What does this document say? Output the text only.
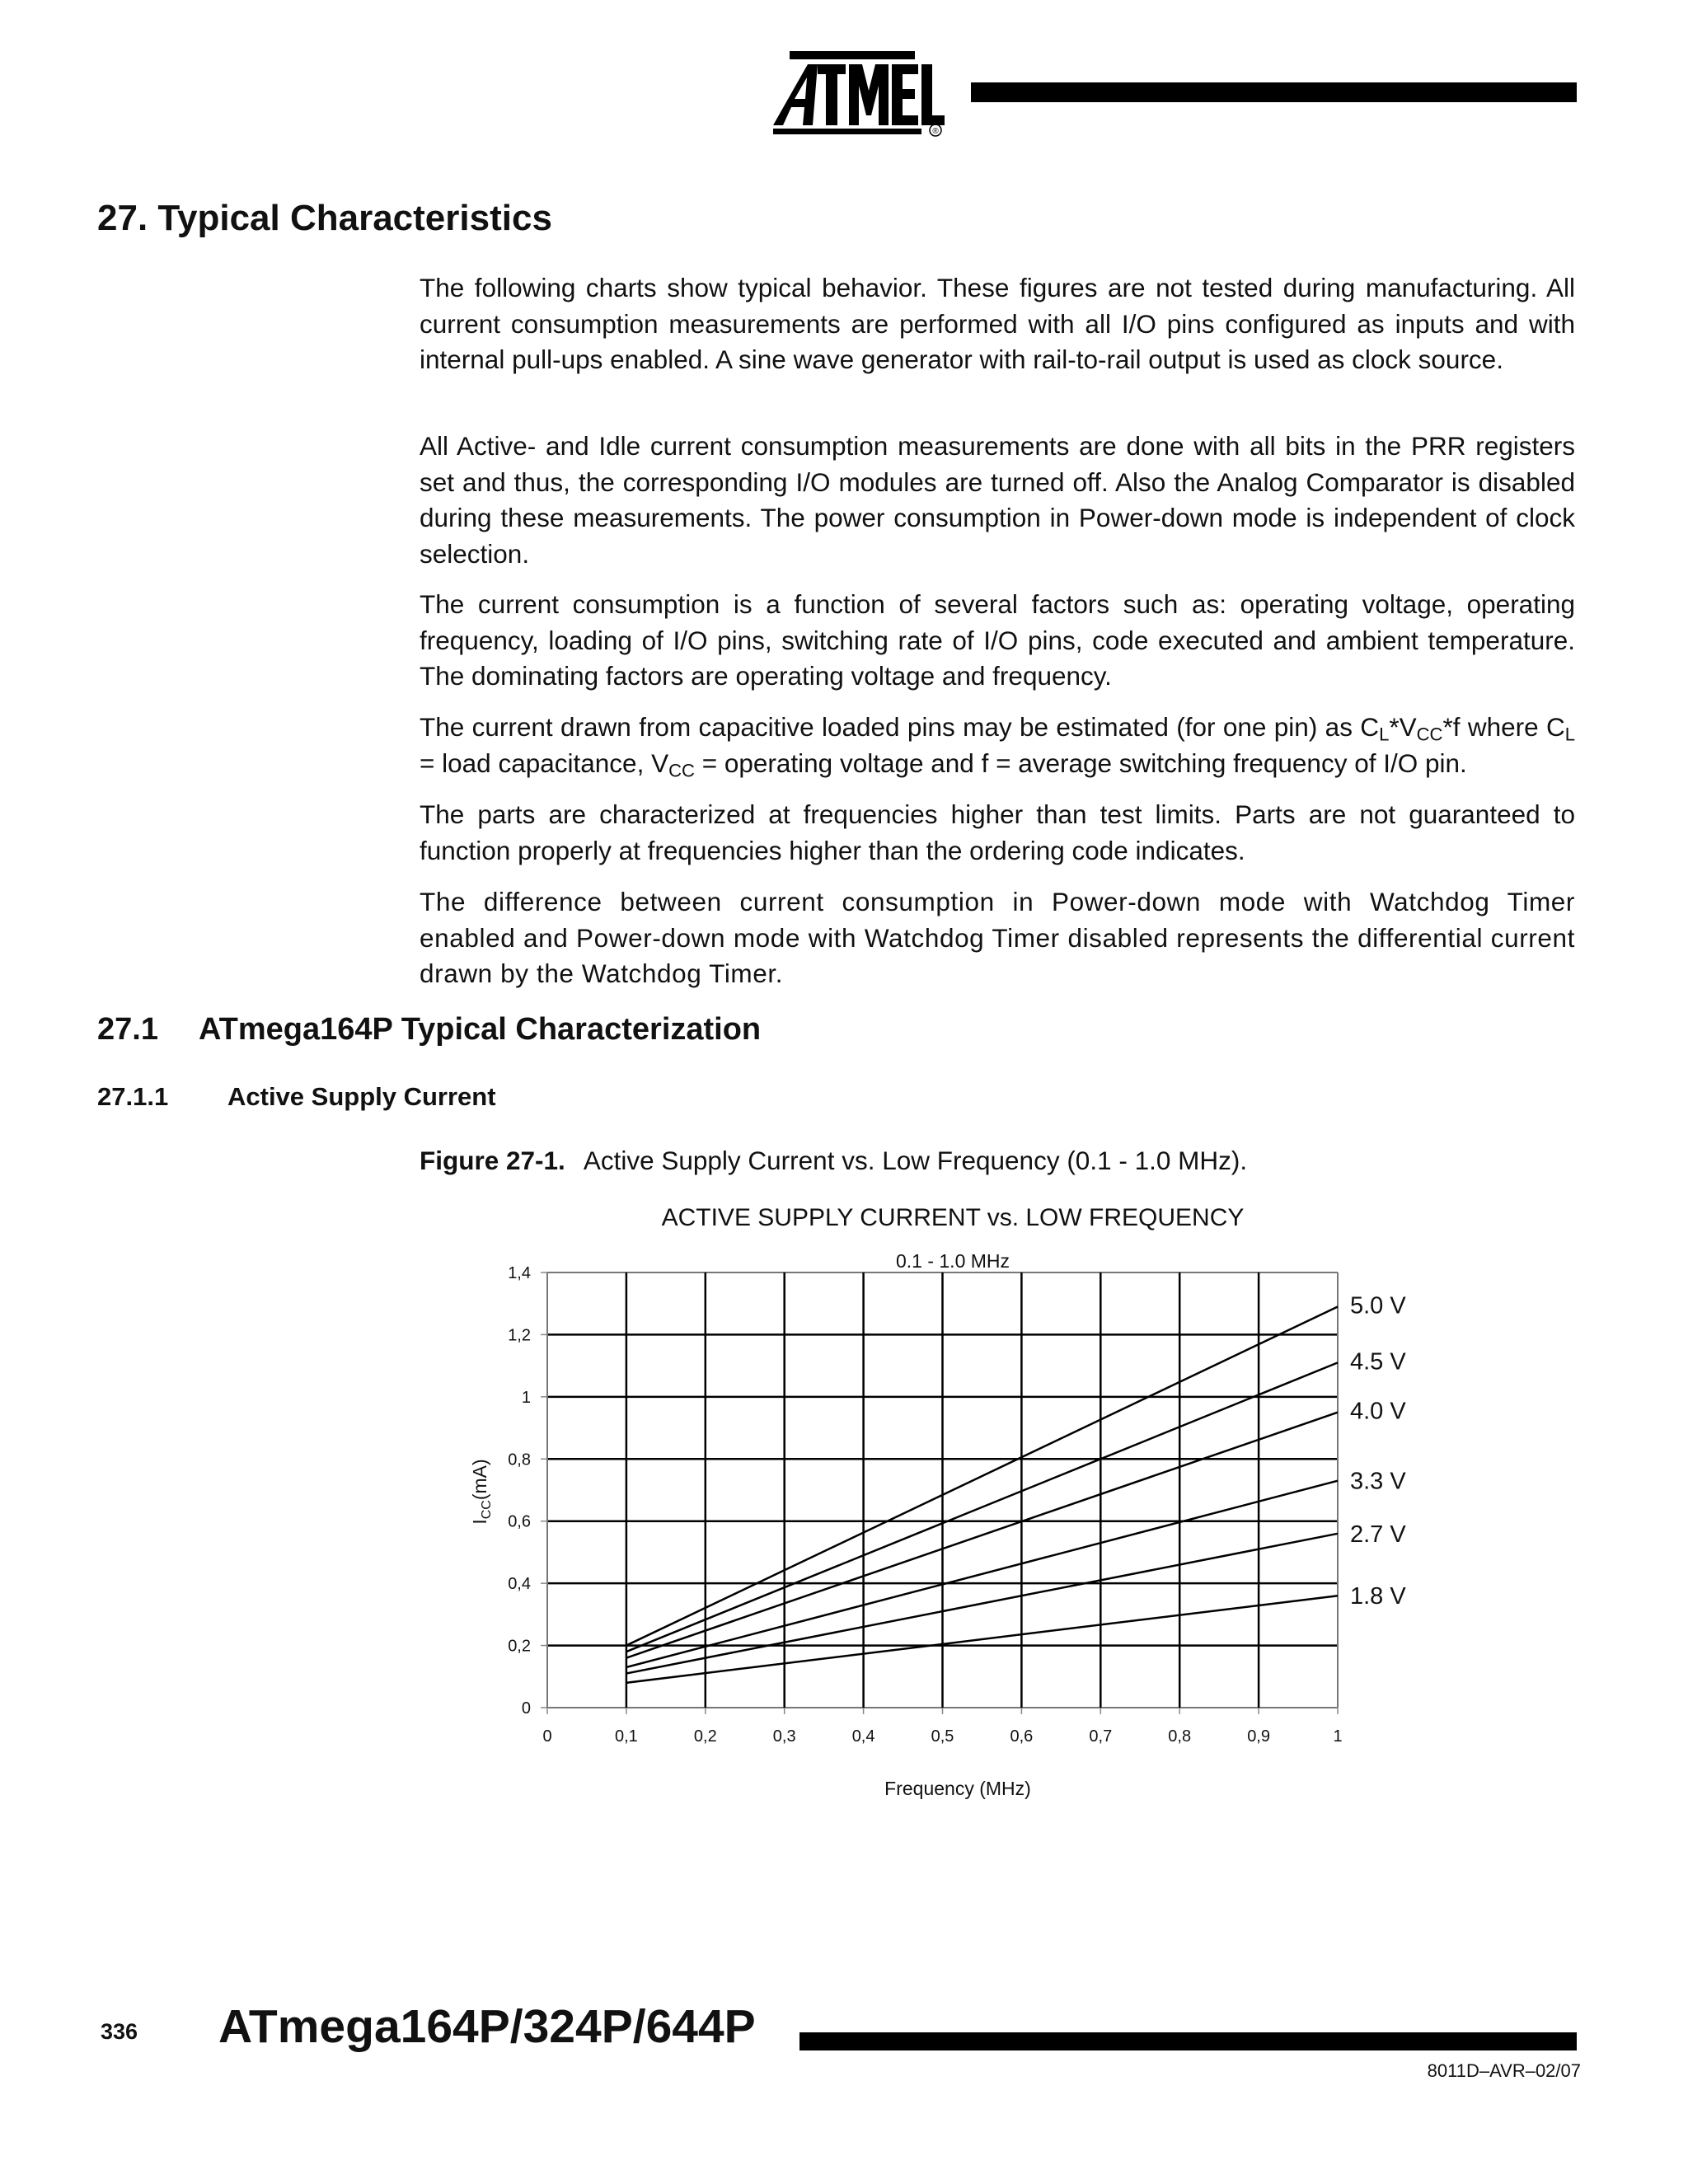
®
ATMEL
27. Typical Characteristics

The following charts show typical behavior. These figures are not tested during manufacturing. All current consumption measurements are performed with all I/O pins configured as inputs and with internal pull-ups enabled. A sine wave generator with rail-to-rail output is used as clock source.

All Active- and Idle current consumption measurements are done with all bits in the PRR registers set and thus, the corresponding I/O modules are turned off. Also the Analog Comparator is disabled during these measurements. The power consumption in Power-down mode is independent of clock selection.

The current consumption is a function of several factors such as: operating voltage, operating frequency, loading of I/O pins, switching rate of I/O pins, code executed and ambient temperature. The dominating factors are operating voltage and frequency.

The current drawn from capacitive loaded pins may be estimated (for one pin) as $C_L*V_{CC}*f$ where $C_L$ = load capacitance, $V_{CC}$ = operating voltage and f = average switching frequency of I/O pin.

The parts are characterized at frequencies higher than test limits. Parts are not guaranteed to function properly at frequencies higher than the ordering code indicates.

The difference between current consumption in Power-down mode with Watchdog Timer enabled and Power-down mode with Watchdog Timer disabled represents the differential current drawn by the Watchdog Timer.

27.1 ATmega164P Typical Characterization
27.1.1 Active Supply Current
Figure 27-1. Active Supply Current vs. Low Frequency (0.1 - 1.0 MHz).
ACTIVE SUPPLY CURRENT vs. LOW FREQUENCY
0.1 - 1.0 MHz
0
0,2
0,4
0,6
0,8
1
1,2
1,4
0	0,1	0,2	0,3	0,4	0,5	0,6	0,7	0,8	0,9	1
5.0 V
4.5 V
4.0 V
3.3 V
2.7 V
1.8 V
Frequency (MHz)
$I_{CC}(mA)$
336 ATmega164P/324P/644P
8011D–AVR–02/07
